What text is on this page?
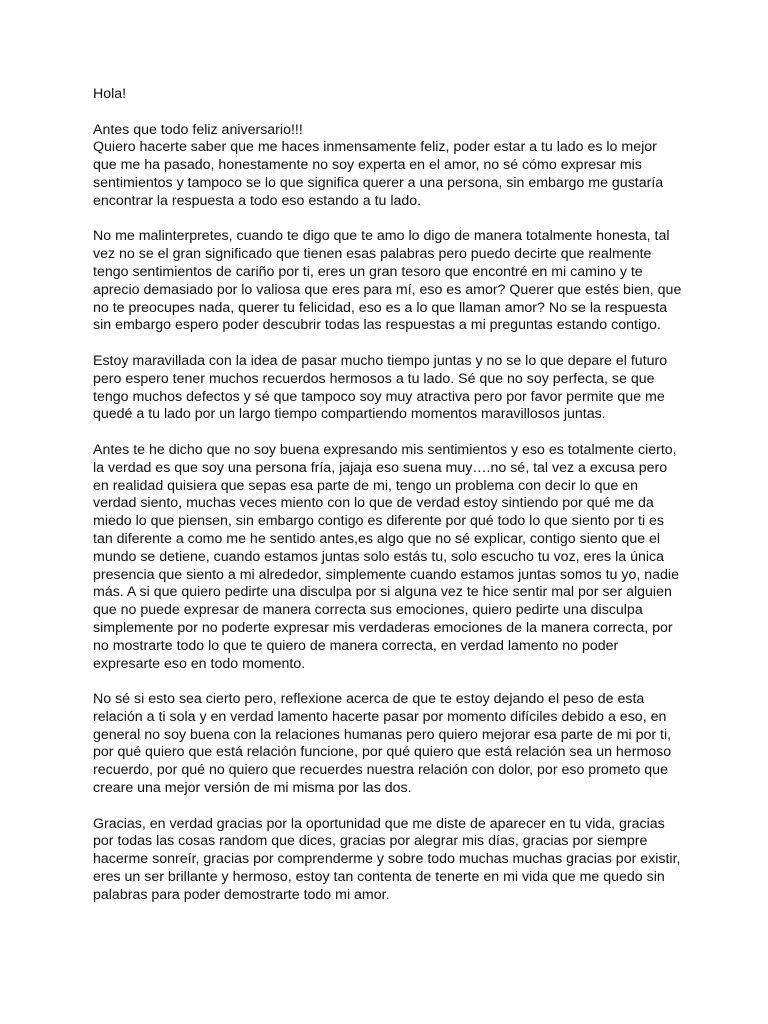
Hola!

Antes que todo feliz aniversario!!!
Quiero hacerte saber que me haces inmensamente feliz, poder estar a tu lado es lo mejor que me ha pasado, honestamente no soy experta en el amor, no sé cómo expresar mis sentimientos y tampoco se lo que significa querer a una persona, sin embargo me gustaría encontrar la respuesta a todo eso estando a tu lado.

No me malinterpretes, cuando te digo que te amo lo digo de manera totalmente honesta, tal vez no se el gran significado que tienen esas palabras pero puedo decirte que realmente tengo sentimientos de cariño por ti, eres un gran tesoro que encontré en mi camino y te aprecio demasiado por lo valiosa que eres para mí, eso es amor? Querer que estés bien, que no te preocupes nada, querer tu felicidad, eso es a lo que llaman amor? No se la respuesta sin embargo espero poder descubrir todas las respuestas a mi preguntas estando contigo.

Estoy maravillada con la idea de pasar mucho tiempo juntas y no se lo que depare el futuro pero espero tener muchos recuerdos hermosos a tu lado. Sé que no soy perfecta, se que tengo muchos defectos y sé que tampoco soy muy atractiva pero por favor permite que me quedé a tu lado por un largo tiempo compartiendo momentos maravillosos juntas.

Antes te he dicho que no soy buena expresando mis sentimientos y eso es totalmente cierto, la verdad es que soy una persona fría, jajaja eso suena muy….no sé, tal vez a excusa pero en realidad quisiera que sepas esa parte de mi, tengo un problema con decir lo que en verdad siento, muchas veces miento con lo que de verdad estoy sintiendo por qué me da miedo lo que piensen, sin embargo contigo es diferente por qué todo lo que siento por ti es tan diferente a como me he sentido antes,es algo que no sé explicar, contigo siento que el mundo se detiene, cuando estamos juntas solo estás tu, solo escucho tu voz, eres la única presencia que siento a mi alrededor, simplemente cuando estamos juntas somos tu yo, nadie más. A si que quiero pedirte una disculpa por si alguna vez te hice sentir mal por ser alguien que no puede expresar de manera correcta sus emociones, quiero pedirte una disculpa simplemente por no poderte expresar mis verdaderas emociones de la manera correcta, por no mostrarte todo lo que te quiero de manera correcta, en verdad lamento no poder expresarte eso en todo momento.

No sé si esto sea cierto pero, reflexione acerca de que te estoy dejando el peso de esta relación a ti sola y en verdad lamento hacerte pasar por momento difíciles debido a eso, en general no soy buena con la relaciones humanas pero quiero mejorar esa parte de mi por ti, por qué quiero que está relación funcione, por qué quiero que está relación sea un hermoso recuerdo, por qué no quiero que recuerdes nuestra relación con dolor, por eso prometo que creare una mejor versión de mi misma por las dos.

Gracias, en verdad gracias por la oportunidad que me diste de aparecer en tu vida, gracias por todas las cosas random que dices, gracias por alegrar mis días, gracias por siempre hacerme sonreír, gracias por comprenderme y sobre todo muchas muchas gracias por existir, eres un ser brillante y hermoso, estoy tan contenta de tenerte en mi vida que me quedo sin palabras para poder demostrarte todo mi amor.
